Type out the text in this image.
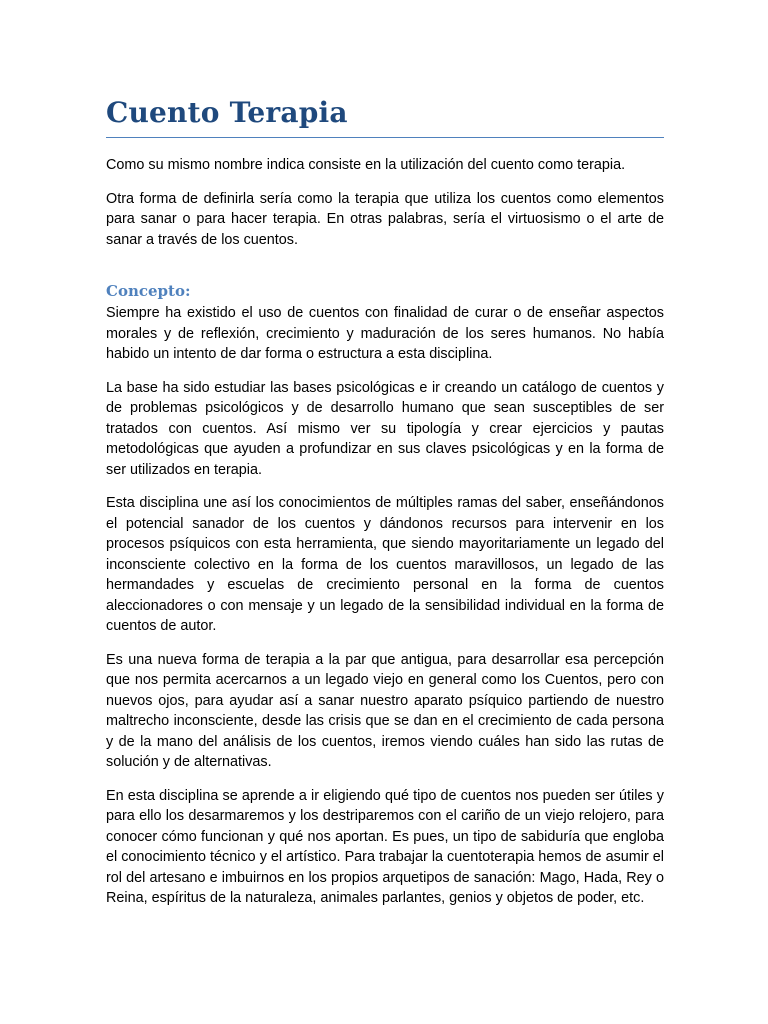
Cuento Terapia

Como su mismo nombre indica consiste en la utilización del cuento como terapia.

Otra forma de definirla sería como la terapia que utiliza los cuentos como elementos para sanar o para hacer terapia. En otras palabras, sería el virtuosismo o el arte de sanar a través de los cuentos.

Concepto:

Siempre ha existido el uso de cuentos con finalidad de curar o de enseñar aspectos morales y de reflexión, crecimiento y maduración de los seres humanos. No había habido un intento de dar forma o estructura a esta disciplina.

La base ha sido estudiar las bases psicológicas e ir creando un catálogo de cuentos y de problemas psicológicos y de desarrollo humano que sean susceptibles de ser tratados con cuentos. Así mismo ver su tipología y crear ejercicios y pautas metodológicas que ayuden a profundizar en sus claves psicológicas y en la forma de ser utilizados en terapia.

Esta disciplina une así los conocimientos de múltiples ramas del saber, enseñándonos el potencial sanador de los cuentos y dándonos recursos para intervenir en los procesos psíquicos con esta herramienta, que siendo mayoritariamente un legado del inconsciente colectivo en la forma de los cuentos maravillosos, un legado de las hermandades y escuelas de crecimiento personal en la forma de cuentos aleccionadores o con mensaje y un legado de la sensibilidad individual en la forma de cuentos de autor.

Es una nueva forma de terapia a la par que antigua, para desarrollar esa percepción que nos permita acercarnos a un legado viejo en general como los Cuentos, pero con nuevos ojos, para ayudar así a sanar nuestro aparato psíquico partiendo de nuestro maltrecho inconsciente, desde las crisis que se dan en el crecimiento de cada persona y de la mano del análisis de los cuentos, iremos viendo cuáles han sido las rutas de solución y de alternativas.

En esta disciplina se aprende a ir eligiendo qué tipo de cuentos nos pueden ser útiles y para ello los desarmaremos y los destriparemos con el cariño de un viejo relojero, para conocer cómo funcionan y qué nos aportan. Es pues, un tipo de sabiduría que engloba el conocimiento técnico y el artístico. Para trabajar la cuentoterapia hemos de asumir el rol del artesano e imbuirnos en los propios arquetipos de sanación: Mago, Hada, Rey o Reina, espíritus de la naturaleza, animales parlantes, genios y objetos de poder, etc.
